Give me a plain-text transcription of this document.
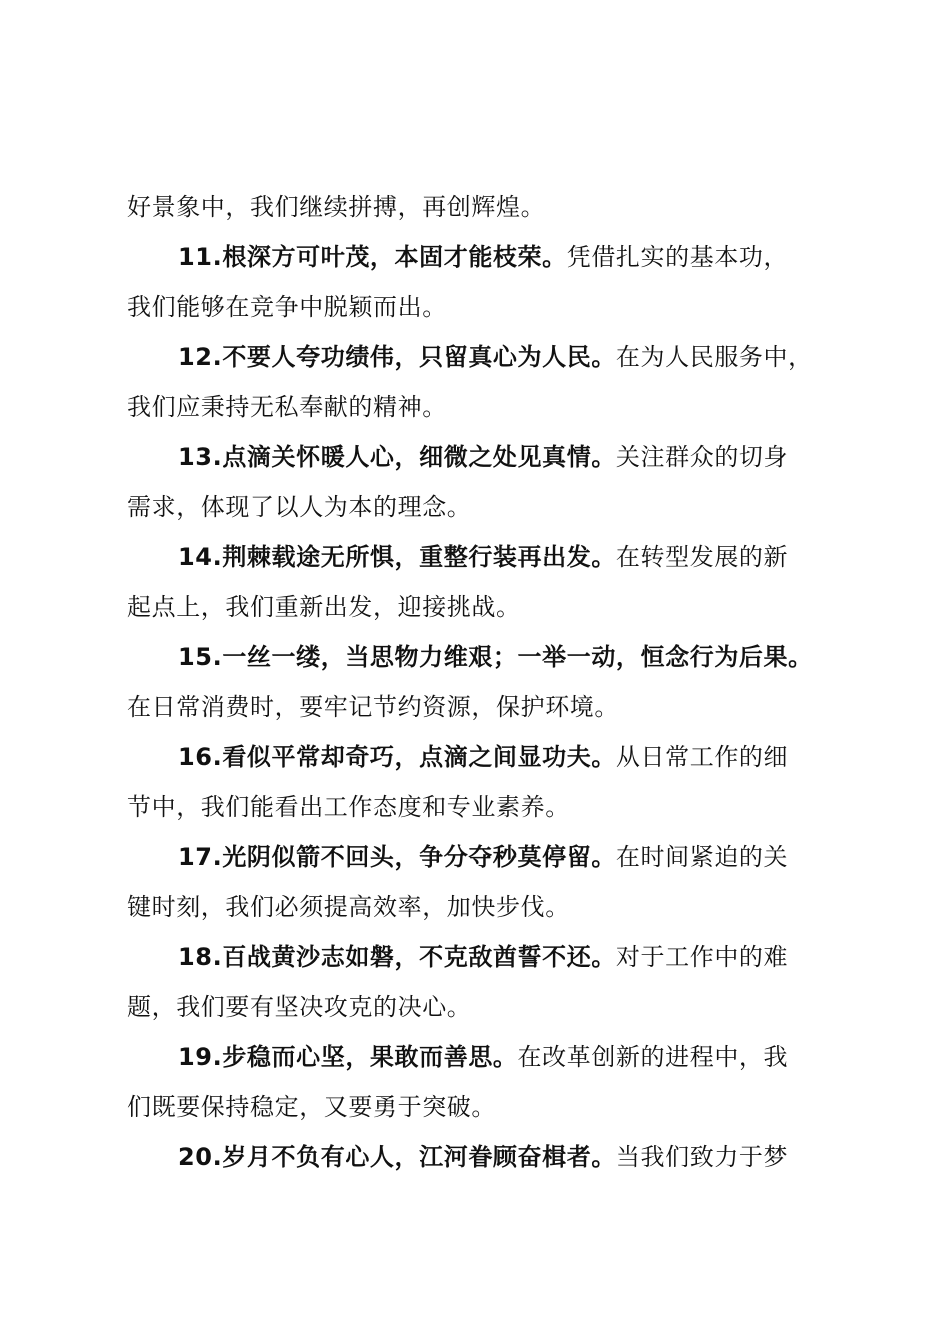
好景象中，我们继续拼搏，再创辉煌。
11.根深方可叶茂，本固才能枝荣。凭借扎实的基本功，
我们能够在竞争中脱颖而出。
12.不要人夸功绩伟，只留真心为人民。在为人民服务中，
我们应秉持无私奉献的精神。
13.点滴关怀暖人心，细微之处见真情。关注群众的切身
需求，体现了以人为本的理念。
14.荆棘载途无所惧，重整行装再出发。在转型发展的新
起点上，我们重新出发，迎接挑战。
15.一丝一缕，当思物力维艰；一举一动，恒念行为后果。
在日常消费时，要牢记节约资源，保护环境。
16.看似平常却奇巧，点滴之间显功夫。从日常工作的细
节中，我们能看出工作态度和专业素养。
17.光阴似箭不回头，争分夺秒莫停留。在时间紧迫的关
键时刻，我们必须提高效率，加快步伐。
18.百战黄沙志如磐，不克敌酋誓不还。对于工作中的难
题，我们要有坚决攻克的决心。
19.步稳而心坚，果敢而善思。在改革创新的进程中，我
们既要保持稳定，又要勇于突破。
20.岁月不负有心人，江河眷顾奋楫者。当我们致力于梦
